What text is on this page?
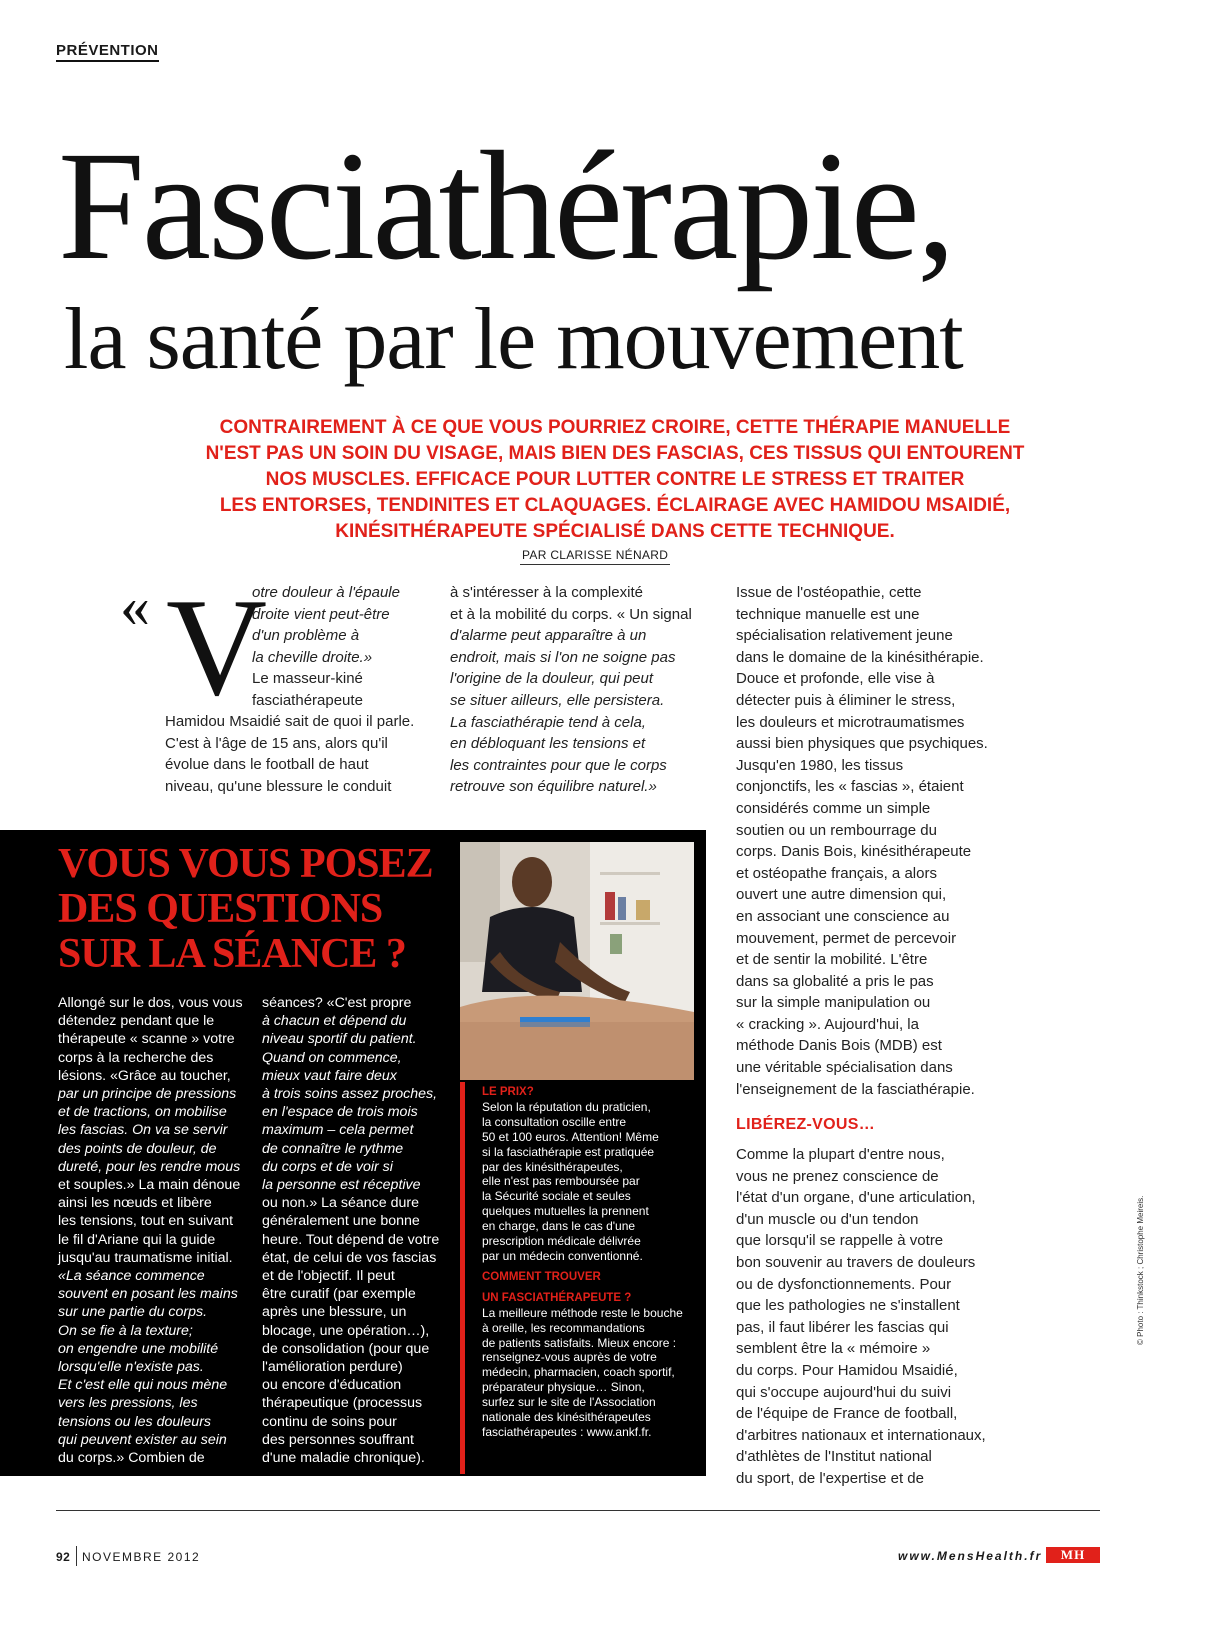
PRÉVENTION
Fasciathérapie,
la santé par le mouvement
CONTRAIREMENT À CE QUE VOUS POURRIEZ CROIRE, CETTE THÉRAPIE MANUELLE
N'EST PAS UN SOIN DU VISAGE, MAIS BIEN DES FASCIAS, CES TISSUS QUI ENTOURENT
NOS MUSCLES. EFFICACE POUR LUTTER CONTRE LE STRESS ET TRAITER
LES ENTORSES, TENDINITES ET CLAQUAGES. ÉCLAIRAGE AVEC HAMIDOU MSAIDIÉ,
KINÉSITHÉRAPEUTE SPÉCIALISÉ DANS CETTE TECHNIQUE.
PAR CLARISSE NÉNARD
« V
otre douleur à l'épaule
droite vient peut-être
d'un problème à
la cheville droite.»
Le masseur-kiné
fasciathérapeute
Hamidou Msaidié sait de quoi il parle.
C'est à l'âge de 15 ans, alors qu'il
évolue dans le football de haut
niveau, qu'une blessure le conduit
à s'intéresser à la complexité
et à la mobilité du corps. « Un signal
d'alarme peut apparaître à un
endroit, mais si l'on ne soigne pas
l'origine de la douleur, qui peut
se situer ailleurs, elle persistera.
La fasciathérapie tend à cela,
en débloquant les tensions et
les contraintes pour que le corps
retrouve son équilibre naturel.»
Issue de l'ostéopathie, cette
technique manuelle est une
spécialisation relativement jeune
dans le domaine de la kinésithérapie.
Douce et profonde, elle vise à
détecter puis à éliminer le stress,
les douleurs et microtraumatismes
aussi bien physiques que psychiques.
Jusqu'en 1980, les tissus
conjonctifs, les « fascias », étaient
considérés comme un simple
soutien ou un rembourrage du
corps. Danis Bois, kinésithérapeute
et ostéopathe français, a alors
ouvert une autre dimension qui,
en associant une conscience au
mouvement, permet de percevoir
et de sentir la mobilité. L'être
dans sa globalité a pris le pas
sur la simple manipulation ou
« cracking ». Aujourd'hui, la
méthode Danis Bois (MDB) est
une véritable spécialisation dans
l'enseignement de la fasciathérapie.
LIBÉREZ-VOUS…
Comme la plupart d'entre nous,
vous ne prenez conscience de
l'état d'un organe, d'une articulation,
d'un muscle ou d'un tendon
que lorsqu'il se rappelle à votre
bon souvenir au travers de douleurs
ou de dysfonctionnements. Pour
que les pathologies ne s'installent
pas, il faut libérer les fascias qui
semblent être la « mémoire »
du corps. Pour Hamidou Msaidié,
qui s'occupe aujourd'hui du suivi
de l'équipe de France de football,
d'arbitres nationaux et internationaux,
d'athlètes de l'Institut national
du sport, de l'expertise et de
VOUS VOUS POSEZ
DES QUESTIONS
SUR LA SÉANCE ?
Allongé sur le dos, vous vous
détendez pendant que le
thérapeute « scanne » votre
corps à la recherche des
lésions. «Grâce au toucher,
par un principe de pressions
et de tractions, on mobilise
les fascias. On va se servir
des points de douleur, de
dureté, pour les rendre mous
et souples.» La main dénoue
ainsi les nœuds et libère
les tensions, tout en suivant
le fil d'Ariane qui la guide
jusqu'au traumatisme initial.
«La séance commence
souvent en posant les mains
sur une partie du corps.
On se fie à la texture;
on engendre une mobilité
lorsqu'elle n'existe pas.
Et c'est elle qui nous mène
vers les pressions, les
tensions ou les douleurs
qui peuvent exister au sein
du corps.» Combien de
séances? «C'est propre
à chacun et dépend du
niveau sportif du patient.
Quand on commence,
mieux vaut faire deux
à trois soins assez proches,
en l'espace de trois mois
maximum – cela permet
de connaître le rythme
du corps et de voir si
la personne est réceptive
ou non.» La séance dure
généralement une bonne
heure. Tout dépend de votre
état, de celui de vos fascias
et de l'objectif. Il peut
être curatif (par exemple
après une blessure, un
blocage, une opération…),
de consolidation (pour que
l'amélioration perdure)
ou encore d'éducation
thérapeutique (processus
continu de soins pour
des personnes souffrant
d'une maladie chronique).
LE PRIX?
Selon la réputation du praticien,
la consultation oscille entre
50 et 100 euros. Attention! Même
si la fasciathérapie est pratiquée
par des kinésithérapeutes,
elle n'est pas remboursée par
la Sécurité sociale et seules
quelques mutuelles la prennent
en charge, dans le cas d'une
prescription médicale délivrée
par un médecin conventionné.
COMMENT TROUVER
UN FASCIATHÉRAPEUTE ?
La meilleure méthode reste le bouche
à oreille, les recommandations
de patients satisfaits. Mieux encore :
renseignez-vous auprès de votre
médecin, pharmacien, coach sportif,
préparateur physique… Sinon,
surfez sur le site de l'Association
nationale des kinésithérapeutes
fasciathérapeutes : www.ankf.fr.
© Photo : Thinkstock ; Christophe Meireis.
92 NOVEMBRE 2012	www.MensHealth.fr	MH
